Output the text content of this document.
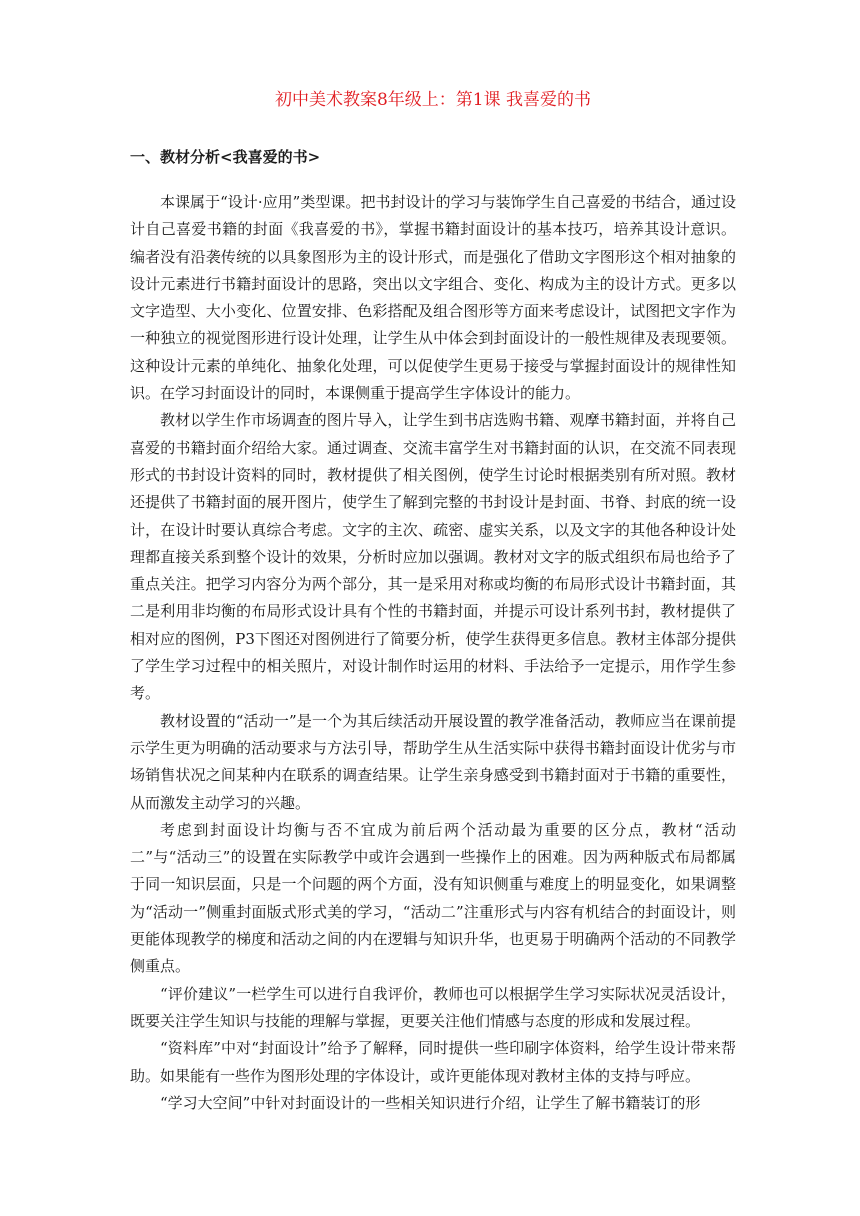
初中美术教案8年级上：第1课 我喜爱的书
一、教材分析<我喜爱的书>

本课属于“设计·应用”类型课。把书封设计的学习与装饰学生自己喜爱的书结合，通过设计自己喜爱书籍的封面《我喜爱的书》，掌握书籍封面设计的基本技巧，培养其设计意识。编者没有沿袭传统的以具象图形为主的设计形式，而是强化了借助文字图形这个相对抽象的设计元素进行书籍封面设计的思路，突出以文字组合、变化、构成为主的设计方式。更多以文字造型、大小变化、位置安排、色彩搭配及组合图形等方面来考虑设计，试图把文字作为一种独立的视觉图形进行设计处理，让学生从中体会到封面设计的一般性规律及表现要领。这种设计元素的单纯化、抽象化处理，可以促使学生更易于接受与掌握封面设计的规律性知识。在学习封面设计的同时，本课侧重于提高学生字体设计的能力。

教材以学生作市场调查的图片导入，让学生到书店选购书籍、观摩书籍封面，并将自己喜爱的书籍封面介绍给大家。通过调查、交流丰富学生对书籍封面的认识，在交流不同表现形式的书封设计资料的同时，教材提供了相关图例，使学生讨论时根据类别有所对照。教材还提供了书籍封面的展开图片，使学生了解到完整的书封设计是封面、书脊、封底的统一设计，在设计时要认真综合考虑。文字的主次、疏密、虚实关系，以及文字的其他各种设计处理都直接关系到整个设计的效果，分析时应加以强调。教材对文字的版式组织布局也给予了重点关注。把学习内容分为两个部分，其一是采用对称或均衡的布局形式设计书籍封面，其二是利用非均衡的布局形式设计具有个性的书籍封面，并提示可设计系列书封，教材提供了相对应的图例，P3下图还对图例进行了简要分析，使学生获得更多信息。教材主体部分提供了学生学习过程中的相关照片，对设计制作时运用的材料、手法给予一定提示，用作学生参考。

教材设置的“活动一”是一个为其后续活动开展设置的教学准备活动，教师应当在课前提示学生更为明确的活动要求与方法引导，帮助学生从生活实际中获得书籍封面设计优劣与市场销售状况之间某种内在联系的调查结果。让学生亲身感受到书籍封面对于书籍的重要性，从而激发主动学习的兴趣。

考虑到封面设计均衡与否不宜成为前后两个活动最为重要的区分点，教材“活动二”与“活动三”的设置在实际教学中或许会遇到一些操作上的困难。因为两种版式布局都属于同一知识层面，只是一个问题的两个方面，没有知识侧重与难度上的明显变化，如果调整为“活动一”侧重封面版式形式美的学习，“活动二”注重形式与内容有机结合的封面设计，则更能体现教学的梯度和活动之间的内在逻辑与知识升华，也更易于明确两个活动的不同教学侧重点。

“评价建议”一栏学生可以进行自我评价，教师也可以根据学生学习实际状况灵活设计，既要关注学生知识与技能的理解与掌握，更要关注他们情感与态度的形成和发展过程。

“资料库”中对“封面设计”给予了解释，同时提供一些印刷字体资料，给学生设计带来帮助。如果能有一些作为图形处理的字体设计，或许更能体现对教材主体的支持与呼应。

“学习大空间”中针对封面设计的一些相关知识进行介绍，让学生了解书籍装订的形
